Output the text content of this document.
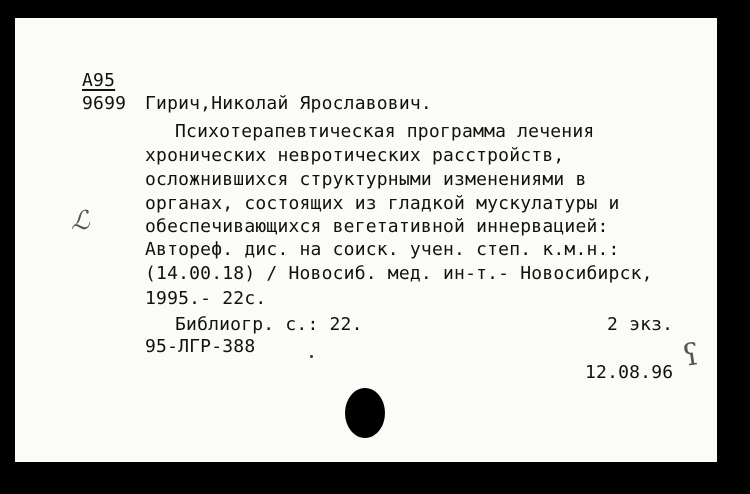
А95
9699 Гирич,Николай Ярославович.
Психотерапевтическая программа лечения
хронических невротических расстройств,
осложнившихся структурными изменениями в
органах, состоящих из гладкой мускулатуры и
обеспечивающихся вегетативной иннервацией:
Автореф. дис. на соиск. учен. степ. к.м.н.:
(14.00.18) / Новосиб. мед. ин-т.- Новосибирск,
1995.- 22с.
Библиогр. с.: 22.	2 экз.
95-ЛГР-388
12.08.96
ℒ
ʕ
